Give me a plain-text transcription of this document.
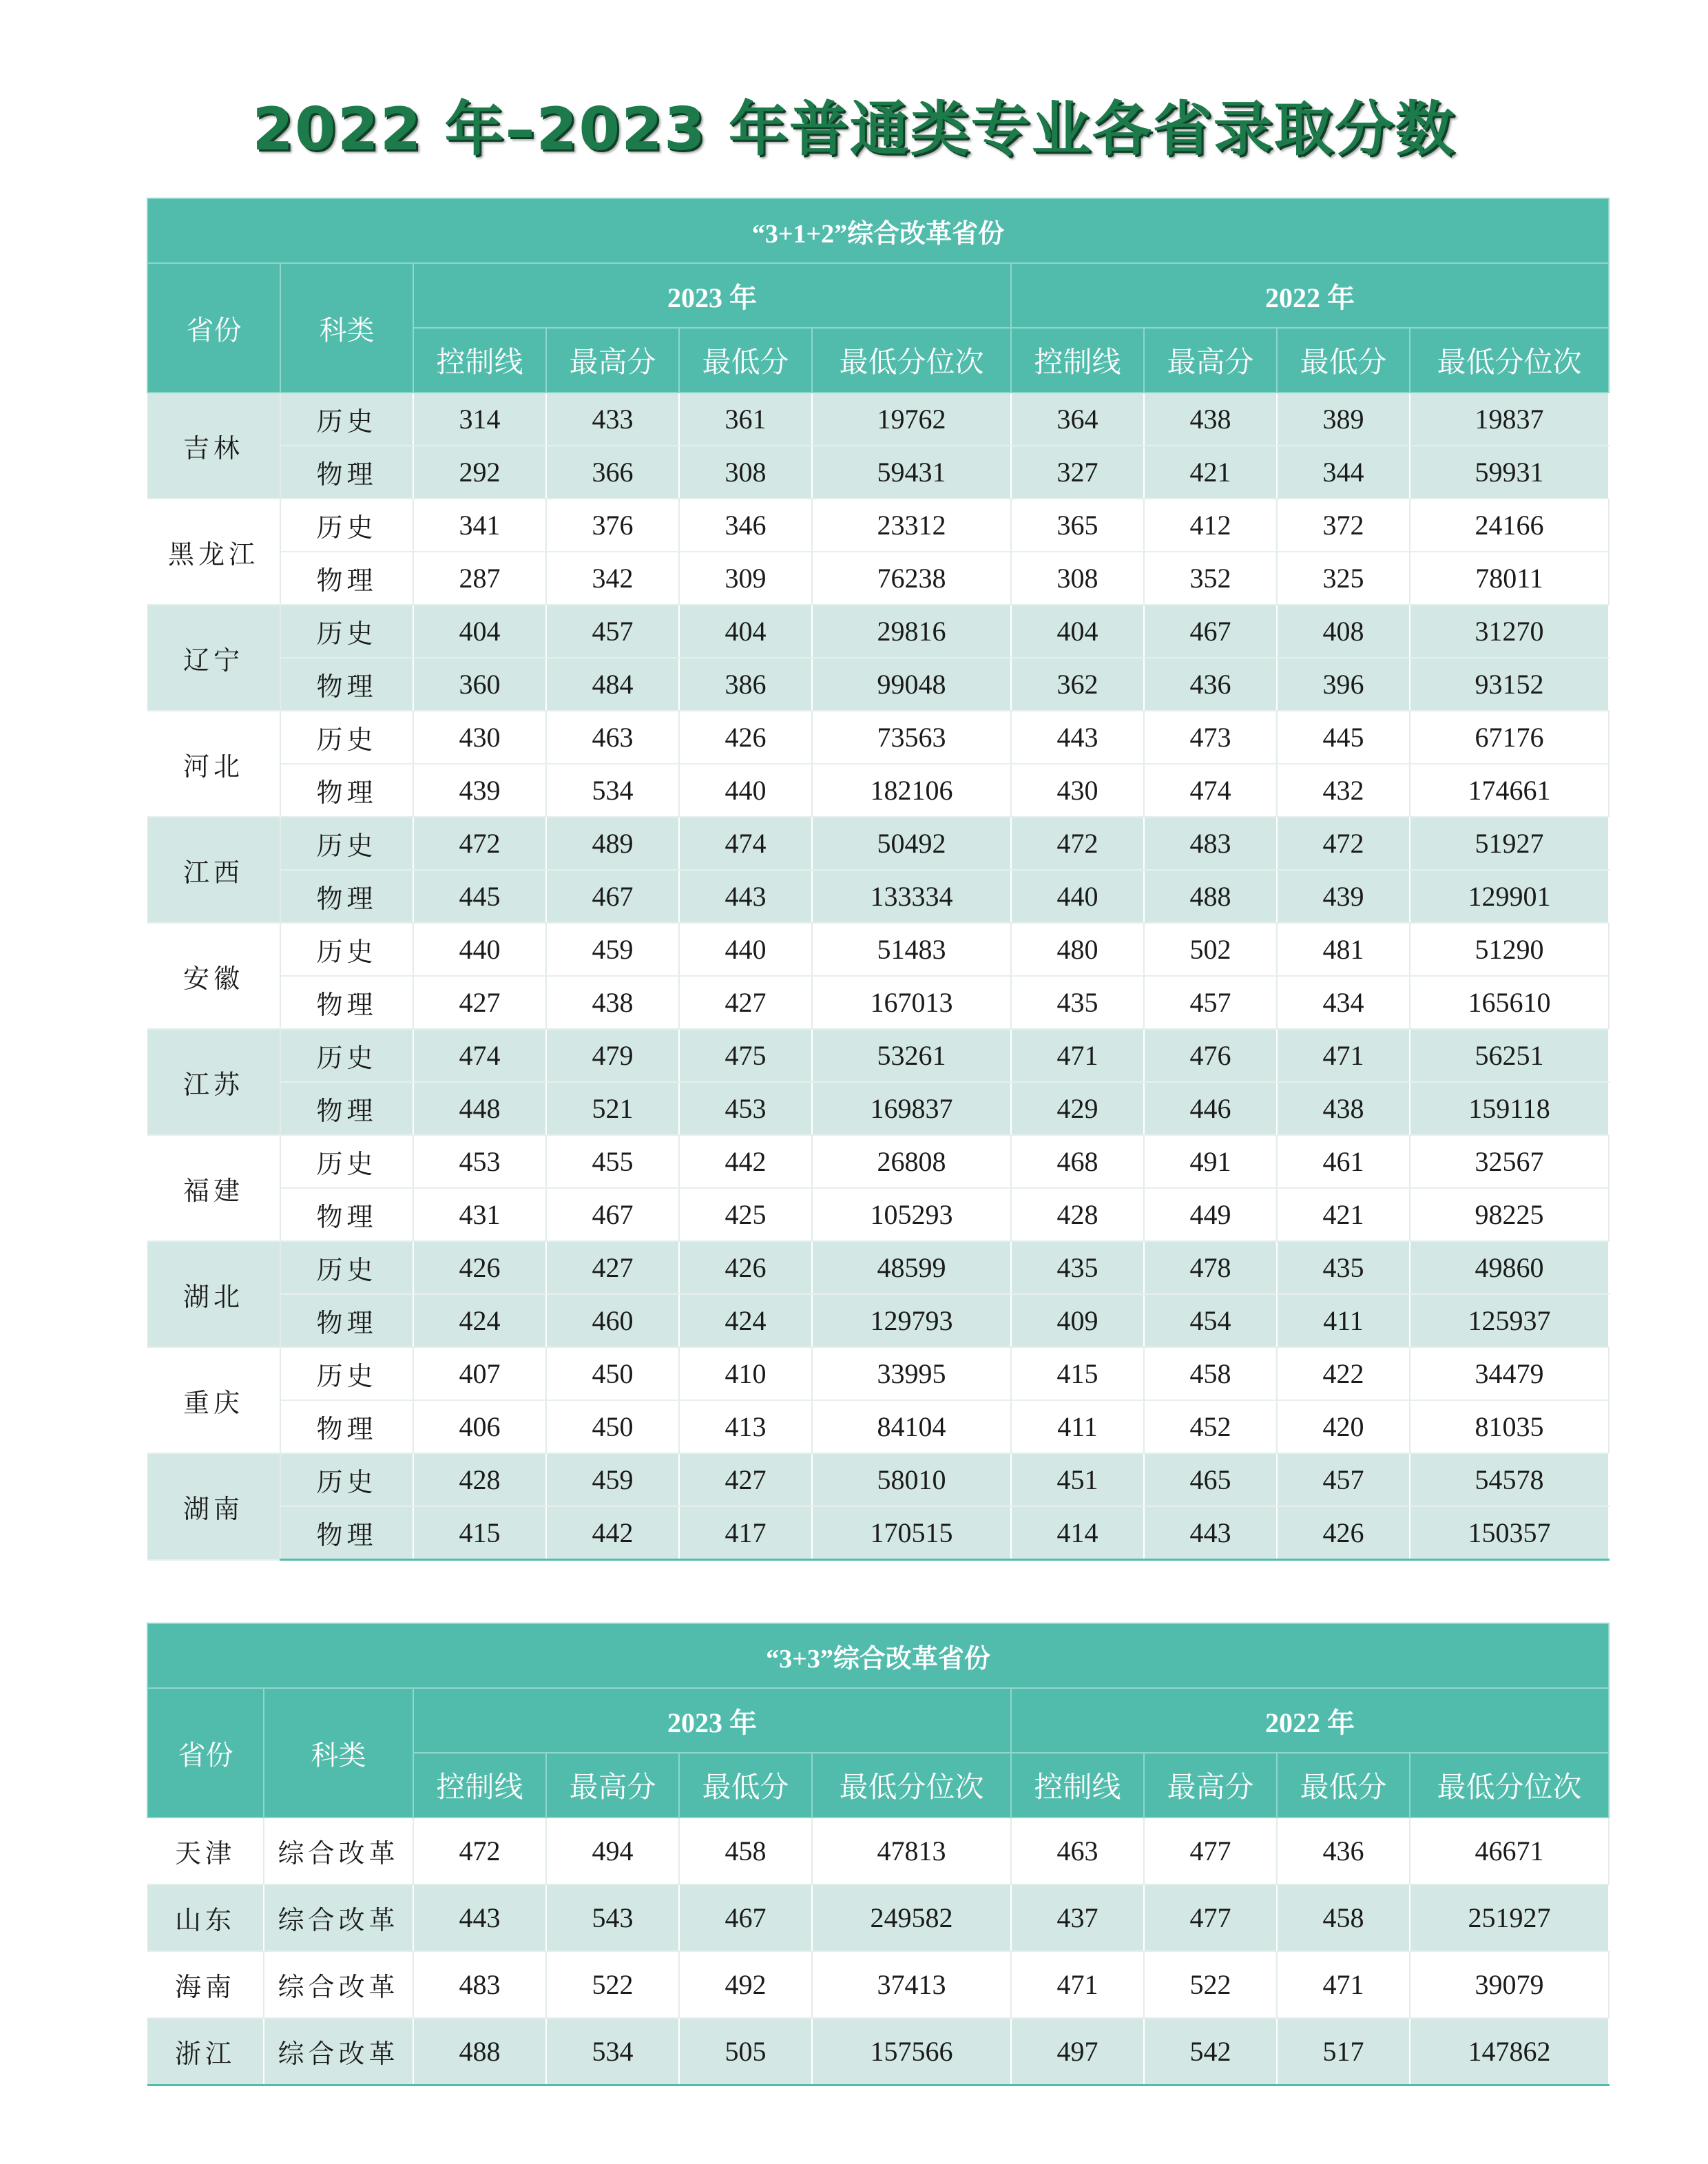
2022 年–2023 年普通类专业各省录取分数
“3+1+2”综合改革省份									
省份	科类	2023 年				2022 年			
		控制线	最高分	最低分	最低分位次	控制线	最高分	最低分	最低分位次
吉林	历史	314	433	361	19762	364	438	389	19837
	物理	292	366	308	59431	327	421	344	59931
黑龙江	历史	341	376	346	23312	365	412	372	24166
	物理	287	342	309	76238	308	352	325	78011
辽宁	历史	404	457	404	29816	404	467	408	31270
	物理	360	484	386	99048	362	436	396	93152
河北	历史	430	463	426	73563	443	473	445	67176
	物理	439	534	440	182106	430	474	432	174661
江西	历史	472	489	474	50492	472	483	472	51927
	物理	445	467	443	133334	440	488	439	129901
安徽	历史	440	459	440	51483	480	502	481	51290
	物理	427	438	427	167013	435	457	434	165610
江苏	历史	474	479	475	53261	471	476	471	56251
	物理	448	521	453	169837	429	446	438	159118
福建	历史	453	455	442	26808	468	491	461	32567
	物理	431	467	425	105293	428	449	421	98225
湖北	历史	426	427	426	48599	435	478	435	49860
	物理	424	460	424	129793	409	454	411	125937
重庆	历史	407	450	410	33995	415	458	422	34479
	物理	406	450	413	84104	411	452	420	81035
湖南	历史	428	459	427	58010	451	465	457	54578
	物理	415	442	417	170515	414	443	426	150357
“3+3”综合改革省份									
省份	科类	2023 年				2022 年			
		控制线	最高分	最低分	最低分位次	控制线	最高分	最低分	最低分位次
天津	综合改革	472	494	458	47813	463	477	436	46671
山东	综合改革	443	543	467	249582	437	477	458	251927
海南	综合改革	483	522	492	37413	471	522	471	39079
浙江	综合改革	488	534	505	157566	497	542	517	147862
